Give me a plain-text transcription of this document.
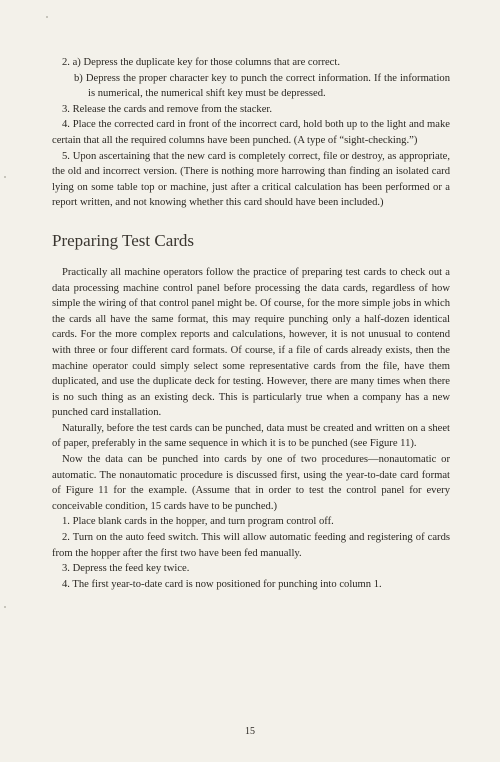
2. a) Depress the duplicate key for those columns that are correct.

b) Depress the proper character key to punch the correct information. If the information is numerical, the numerical shift key must be depressed.

3. Release the cards and remove from the stacker.

4. Place the corrected card in front of the incorrect card, hold both up to the light and make certain that all the required columns have been punched. (A type of “sight-checking.”)

5. Upon ascertaining that the new card is completely correct, file or destroy, as appropriate, the old and incorrect version. (There is nothing more harrowing than finding an isolated card lying on some table top or machine, just after a critical calculation has been performed or a report written, and not knowing whether this card should have been included.)

Preparing Test Cards

Practically all machine operators follow the practice of preparing test cards to check out a data processing machine control panel before processing the data cards, regardless of how simple the wiring of that control panel might be. Of course, for the more simple jobs in which the cards all have the same format, this may require punching only a half-dozen identical cards. For the more complex reports and calculations, however, it is not unusual to contend with three or four different card formats. Of course, if a file of cards already exists, then the machine operator could simply select some representative cards from the file, have them duplicated, and use the duplicate deck for testing. However, there are many times when there is no such thing as an existing deck. This is particularly true when a company has a new punched card installation.

Naturally, before the test cards can be punched, data must be created and written on a sheet of paper, preferably in the same sequence in which it is to be punched (see Figure 11).

Now the data can be punched into cards by one of two procedures—nonautomatic or automatic. The nonautomatic procedure is discussed first, using the year-to-date card format of Figure 11 for the example. (Assume that in order to test the control panel for every conceivable condition, 15 cards have to be punched.)

1. Place blank cards in the hopper, and turn program control off.

2. Turn on the auto feed switch. This will allow automatic feeding and registering of cards from the hopper after the first two have been fed manually.

3. Depress the feed key twice.

4. The first year-to-date card is now positioned for punching into column 1.

15
